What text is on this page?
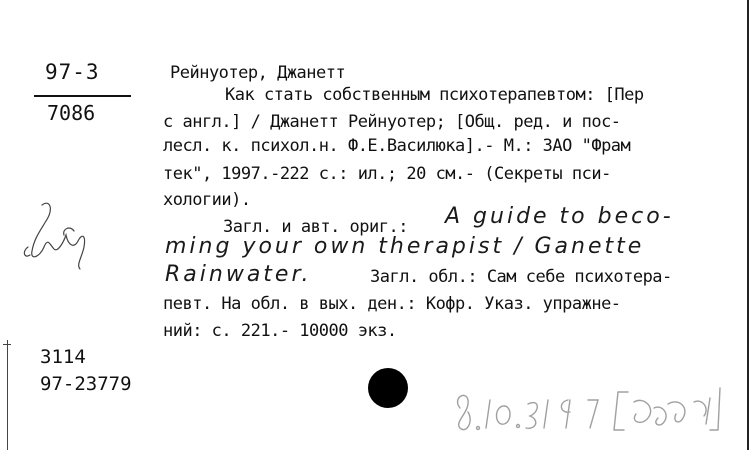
97-3
7086
Рейнуотер, Джанетт
Как стать собственным психотерапевтом: [Пер
с англ.] / Джанетт Рейнуотер; [Общ. ред. и пос-
лесл. к. психол.н. Ф.Е.Василюка].- М.: ЗАО "Фрам
тек", 1997.-222 с.: ил.; 20 см.- (Секреты пси-
хологии).
Загл. и авт. ориг.: A guide to beco-
ming your own therapist / Ganette
Rainwater.	Загл. обл.: Сам себе психотера-
певт. На обл. в вых. ден.: Кофр. Указ. упражне-
ний: с. 221.- 10000 экз.
3114
97-23779
